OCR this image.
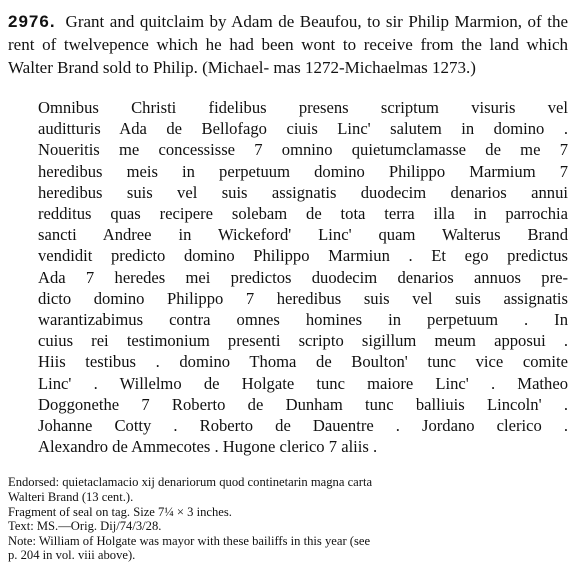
2976. Grant and quitclaim by Adam de Beaufou, to sir Philip Marmion, of the rent of twelvepence which he had been wont to receive from the land which Walter Brand sold to Philip. (Michael- mas 1272-Michaelmas 1273.)

Omnibus Christi fidelibus presens scriptum visuris vel
auditturis Ada de Bellofago ciuis Linc' salutem in domino .
Noueritis me concessisse 7 omnino quietumclamasse de me 7
heredibus meis in perpetuum domino Philippo Marmium 7
heredibus suis vel suis assignatis duodecim denarios annui
redditus quas recipere solebam de tota terra illa in parrochia
sancti Andree in Wickeford' Linc' quam Walterus Brand
vendidit predicto domino Philippo Marmiun . Et ego predictus
Ada 7 heredes mei predictos duodecim denarios annuos pre-
dicto domino Philippo 7 heredibus suis vel suis assignatis
warantizabimus contra omnes homines in perpetuum . In
cuius rei testimonium presenti scripto sigillum meum apposui .
Hiis testibus . domino Thoma de Boulton' tunc vice comite
Linc' . Willelmo de Holgate tunc maiore Linc' . Matheo
Doggonethe 7 Roberto de Dunham tunc balliuis Lincoln' .
Johanne Cotty . Roberto de Dauentre . Jordano clerico .
Alexandro de Ammecotes . Hugone clerico 7 aliis .
Endorsed: quietaclamacio xij denariorum quod continetarin magna carta
Walteri Brand (13 cent.).
Fragment of seal on tag. Size 7¼ × 3 inches.
Text: MS.—Orig. Dij/74/3/28.
Note: William of Holgate was mayor with these bailiffs in this year (see
p. 204 in vol. viii above).
